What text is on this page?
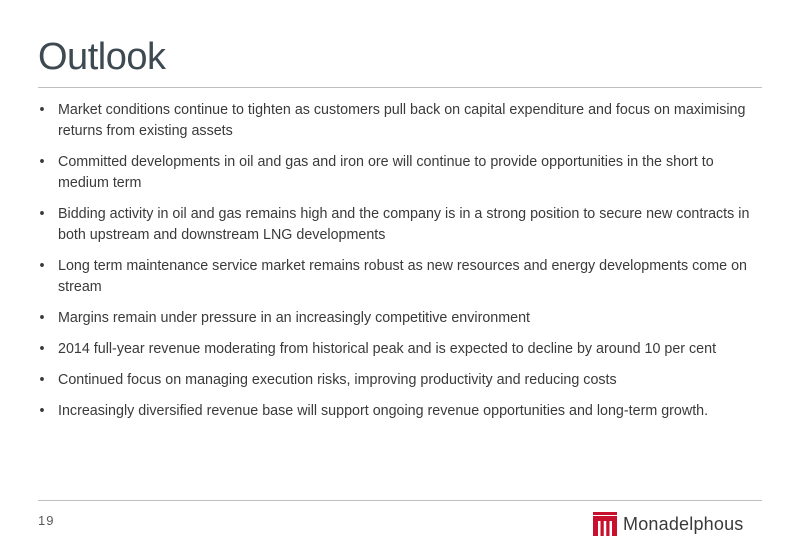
Outlook
• Market conditions continue to tighten as customers pull back on capital expenditure and focus on maximising returns from existing assets
• Committed developments in oil and gas and iron ore will continue to provide opportunities in the short to medium term
• Bidding activity in oil and gas remains high and the company is in a strong position to secure new contracts in both upstream and downstream LNG developments
• Long term maintenance service market remains robust as new resources and energy developments come on stream
• Margins remain under pressure in an increasingly competitive environment
• 2014 full-year revenue moderating from historical peak and is expected to decline by around 10 per cent
• Continued focus on managing execution risks, improving productivity and reducing costs
• Increasingly diversified revenue base will support ongoing revenue opportunities and long-term growth.
19	Monadelphous
